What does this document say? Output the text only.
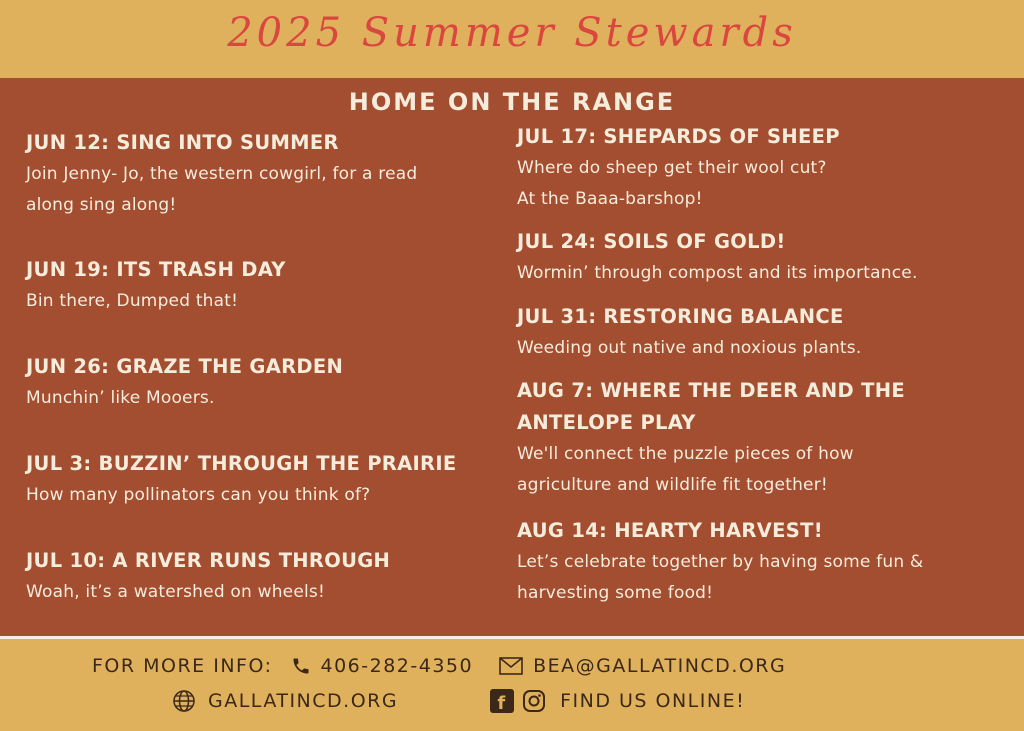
2025 Summer Stewards
HOME ON THE RANGE
JUN 12: SING INTO SUMMER
Join Jenny- Jo, the western cowgirl, for a read
along sing along!
JUN 19: ITS TRASH DAY
Bin there, Dumped that!
JUN 26: GRAZE THE GARDEN
Munchin’ like Mooers.
JUL 3: BUZZIN’ THROUGH THE PRAIRIE
How many pollinators can you think of?
JUL 10: A RIVER RUNS THROUGH
Woah, it’s a watershed on wheels!
JUL 17: SHEPARDS OF SHEEP
Where do sheep get their wool cut?
At the Baaa-barshop!
JUL 24: SOILS OF GOLD!
Wormin’ through compost and its importance.
JUL 31: RESTORING BALANCE
Weeding out native and noxious plants.
AUG 7: WHERE THE DEER AND THE
ANTELOPE PLAY
We'll connect the puzzle pieces of how
agriculture and wildlife fit together!
AUG 14: HEARTY HARVEST!
Let’s celebrate together by having some fun &
harvesting some food!
FOR MORE INFO:	406-282-4350	BEA@GALLATINCD.ORG
GALLATINCD.ORG	f	FIND US ONLINE!
